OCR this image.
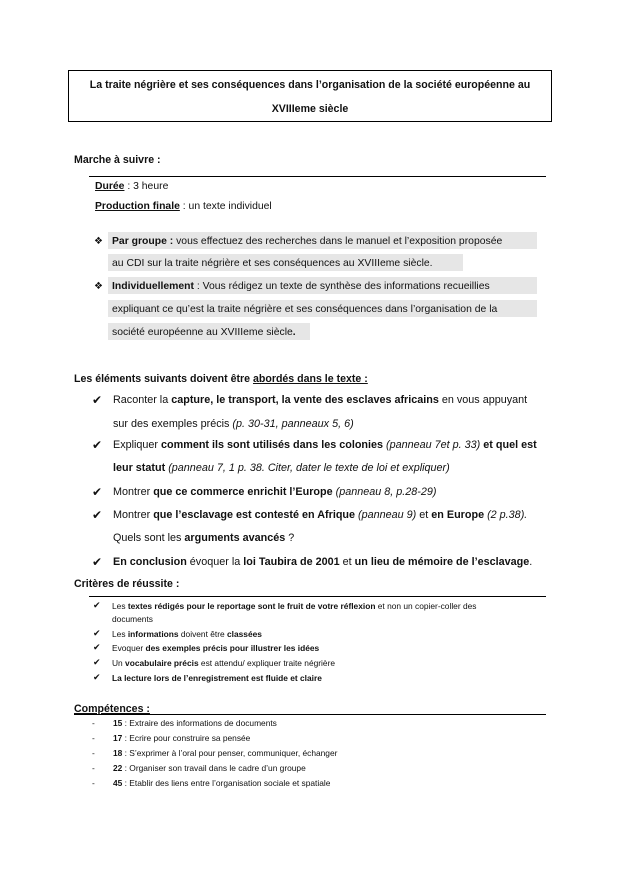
La traite négrière et ses conséquences dans l’organisation de la société européenne au
XVIIIeme siècle
Marche à suivre :
Durée : 3 heure
Production finale : un texte individuel
❖ Par groupe : vous effectuez des recherches dans le manuel et l’exposition proposée
au CDI sur la traite négrière et ses conséquences au XVIIIeme siècle.
❖ Individuellement : Vous rédigez un texte de synthèse des informations recueillies
expliquant ce qu’est la traite négrière et ses conséquences dans l’organisation de la
société européenne au XVIIIeme siècle.
Les éléments suivants doivent être abordés dans le texte :
✔ Raconter la capture, le transport, la vente des esclaves africains en vous appuyant
sur des exemples précis (p. 30-31, panneaux 5, 6)
✔ Expliquer comment ils sont utilisés dans les colonies (panneau 7et p. 33) et quel est
leur statut (panneau 7, 1 p. 38. Citer, dater le texte de loi et expliquer)
✔ Montrer que ce commerce enrichit l’Europe (panneau 8, p.28-29)
✔ Montrer que l’esclavage est contesté en Afrique (panneau 9) et en Europe (2 p.38).
Quels sont les arguments avancés ?
✔ En conclusion évoquer la loi Taubira de 2001 et un lieu de mémoire de l’esclavage.
Critères de réussite :
✔ Les textes rédigés pour le reportage sont le fruit de votre réflexion et non un copier-coller des
documents
✔ Les informations doivent être classées
✔ Evoquer des exemples précis pour illustrer les idées
✔ Un vocabulaire précis est attendu/ expliquer traite négrière
✔ La lecture lors de l’enregistrement est fluide et claire
Compétences :
- 15 : Extraire des informations de documents
- 17 : Ecrire pour construire sa pensée
- 18 : S’exprimer à l’oral pour penser, communiquer, échanger
- 22 : Organiser son travail dans le cadre d’un groupe
- 45 : Etablir des liens entre l’organisation sociale et spatiale
